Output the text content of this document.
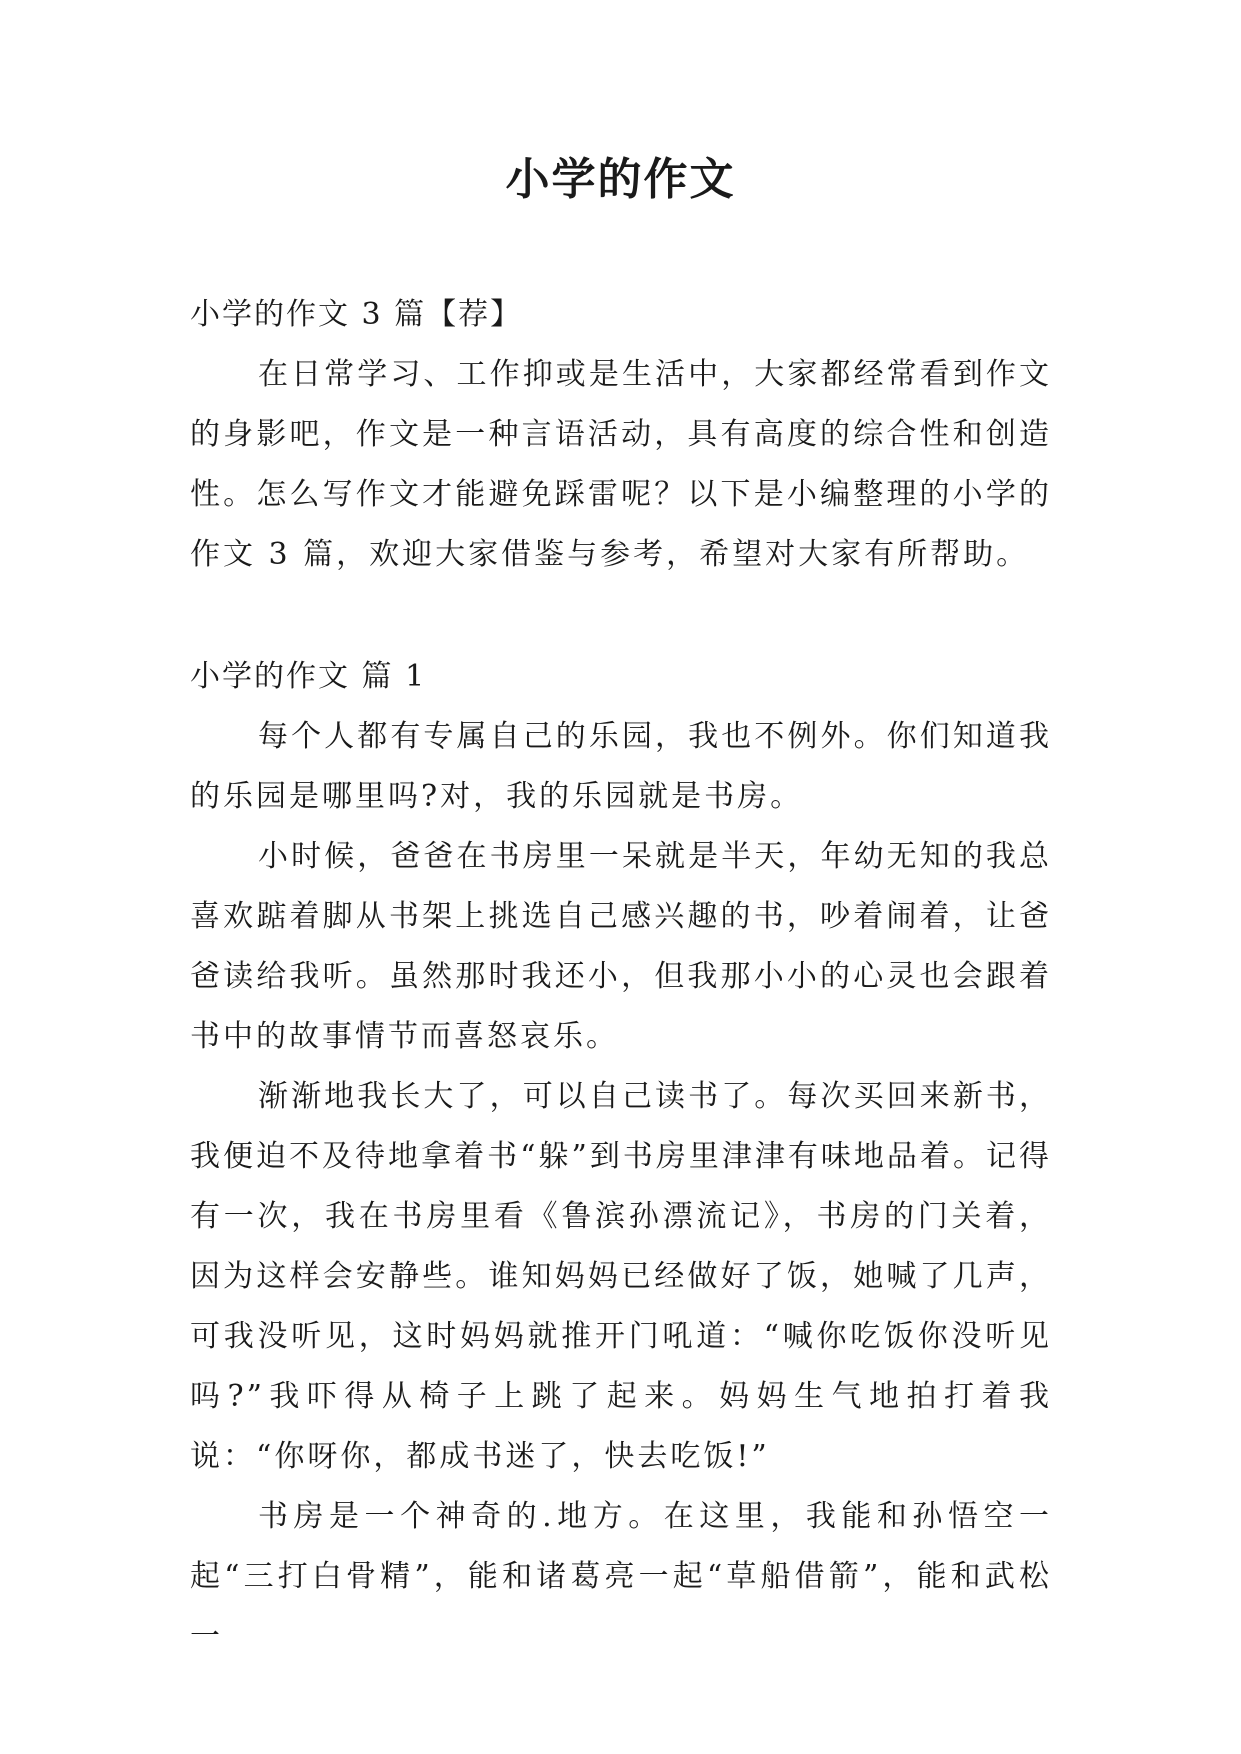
小学的作文

小学的作文 3 篇【荐】

在日常学习、工作抑或是生活中，大家都经常看到作文的身影吧，作文是一种言语活动，具有高度的综合性和创造性。怎么写作文才能避免踩雷呢？以下是小编整理的小学的作文 3 篇，欢迎大家借鉴与参考，希望对大家有所帮助。

小学的作文 篇 1

每个人都有专属自己的乐园，我也不例外。你们知道我的乐园是哪里吗?对，我的乐园就是书房。

小时候，爸爸在书房里一呆就是半天，年幼无知的我总喜欢踮着脚从书架上挑选自己感兴趣的书，吵着闹着，让爸爸读给我听。虽然那时我还小，但我那小小的心灵也会跟着书中的故事情节而喜怒哀乐。

渐渐地我长大了，可以自己读书了。每次买回来新书，我便迫不及待地拿着书“躲”到书房里津津有味地品着。记得有一次，我在书房里看《鲁滨孙漂流记》，书房的门关着，因为这样会安静些。谁知妈妈已经做好了饭，她喊了几声，可我没听见，这时妈妈就推开门吼道：“喊你吃饭你没听见吗?”我吓得从椅子上跳了起来。妈妈生气地拍打着我说：“你呀你，都成书迷了，快去吃饭!”

书房是一个神奇的.地方。在这里，我能和孙悟空一起“三打白骨精”，能和诸葛亮一起“草船借箭”，能和武松一
